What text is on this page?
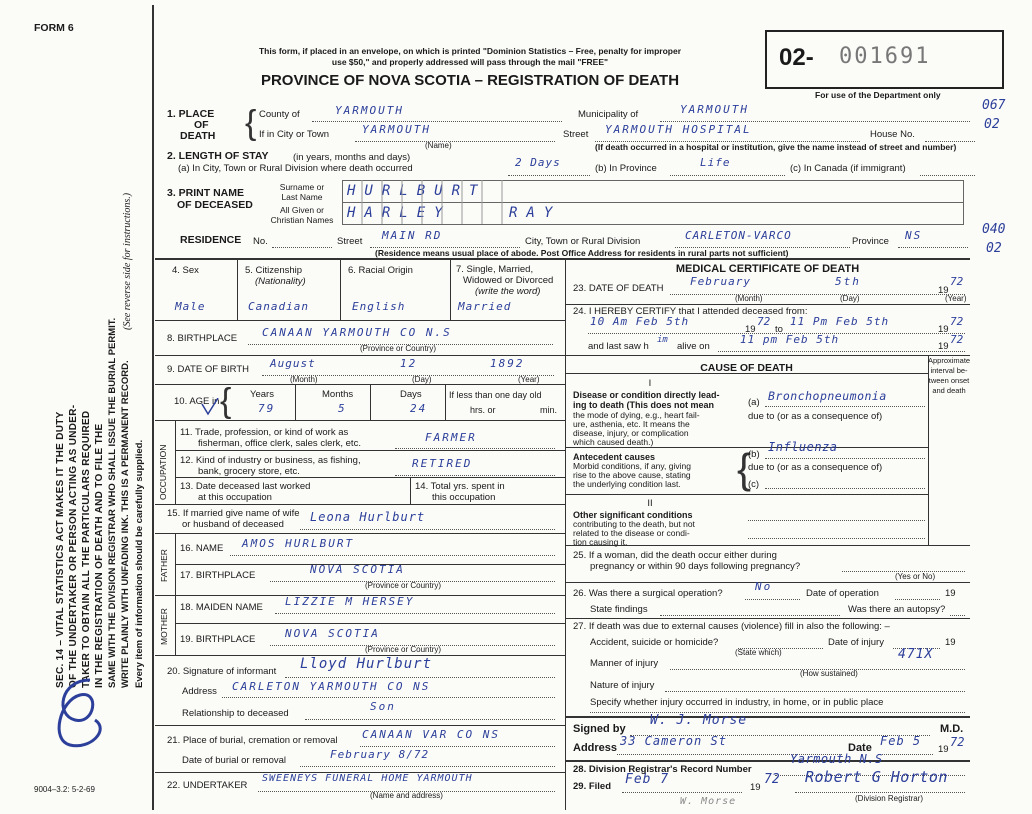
FORM 6
SEC. 14 – VITAL STATISTICS ACT MAKES IT THE DUTY OF THE UNDERTAKER OR PERSON ACTING AS UNDER- TAKER TO OBTAIN ALL THE PARTICULARS REQUIRED IN THE REGISTRATION OF DEATH AND TO FILE THE SAME WITH THE DIVISION REGISTRAR WHO SHALL ISSUE THE BURIAL PERMIT. WRITE PLAINLY WITH UNFADING INK. THIS IS A PERMANENT RECORD.
(See reverse side for instructions.)
Every item of information should be carefully supplied.
9004–3.2: 5-2-69
This form, if placed in an envelope, on which is printed "Dominion Statistics – Free, penalty for improper
use $50," and properly addressed will pass through the mail "FREE"
PROVINCE OF NOVA SCOTIA – REGISTRATION OF DEATH
02- 001691
For use of the Department only
067
02
040
02
1. PLACE
OF
DEATH { County of	YARMOUTH	Municipality of	YARMOUTH
If in City or Town	YARMOUTH
(Name)
Street YARMOUTH HOSPITAL	House No.
(If death occurred in a hospital or institution, give the name instead of street and number)
2. LENGTH OF STAY	(in years, months and days)
(a) In City, Town or Rural Division where death occurred	2 Days	(b) In Province	Life	(c) In Canada (if immigrant)
3. PRINT NAME
OF DECEASED
Surname or
Last Name
All Given or
Christian Names
HURLBURT
HARLEY	RAY
RESIDENCE No.	Street MAIN RD	City, Town or Rural Division	CARLETON-VARCO	Province NS
(Residence means usual place of abode. Post Office Address for residents in rural parts not sufficient)
4. Sex	5. Citizenship
(Nationality)
6. Racial Origin	7. Single, Married,
Widowed or Divorced
(write the word)
Male	Canadian	English	Married
8. BIRTHPLACE CANAAN YARMOUTH CO N.S
(Province or Country)
9. DATE OF BIRTH August	12	1892
(Month)	(Day)	(Year)
10. AGE in { Years	Months	Days
79	5	24
If less than one day old
hrs. or	min.
OCCUPATION
11. Trade, profession, or kind of work as
fisherman, office clerk, sales clerk, etc.	FARMER
12. Kind of industry or business, as fishing,
bank, grocery store, etc.
RETIRED
13. Date deceased last worked
at this occupation
14. Total yrs. spent in
this occupation
15. If married give name of wife
or husband of deceased
Leona Hurlburt
FATHER
16. NAME AMOS HURLBURT
17. BIRTHPLACE	NOVA SCOTIA
(Province or Country)
MOTHER
18. MAIDEN NAME LIZZIE M HERSEY
19. BIRTHPLACE	NOVA SCOTIA
(Province or Country)
20. Signature of informant Lloyd Hurlburt
Address CARLETON YARMOUTH CO NS
Relationship to deceased
Son
21. Place of burial, cremation or removal CANAAN VAR CO NS
Date of burial or removal	February 8/72
22. UNDERTAKER
SWEENEYS FUNERAL HOME YARMOUTH
(Name and address)
MEDICAL CERTIFICATE OF DEATH
23. DATE OF DEATH
February	5th
19
72
(Month)	(Day)	(Year)
24. I HEREBY CERTIFY that I attended deceased from:
10 Am Feb 5th
19
72
to
11 Pm Feb 5th
19
72
and last saw h
im
alive on
11 pm Feb 5th
19
72
CAUSE OF DEATH
Approximate
interval be-
tween onset
and death
I
Disease or condition directly lead-
ing to death (This does not mean
the mode of dying, e.g., heart fail-
ure, asthenia, etc. It means the
disease, injury, or complication
which caused death.)
(a) Bronchopneumonia
due to (or as a consequence of)
Antecedent causes
Morbid conditions, if any, giving
rise to the above cause, stating
the underlying condition last. {
(b)
Influenza
due to (or as a consequence of)
(c)
II
Other significant conditions
contributing to the death, but not
related to the disease or condi-
tion causing it.
25. If a woman, did the death occur either during
pregnancy or within 90 days following pregnancy?
(Yes or No)
26. Was there a surgical operation?
No
Date of operation	19
State findings	Was there an autopsy?
27. If death was due to external causes (violence) fill in also the following: –
Accident, suicide or homicide?	Date of injury	19
(State which)
Manner of injury
471X
(How sustained)
Nature of injury
Specify whether injury occurred in industry, in home, or in public place
Signed by
W. J. Morse
M.D.
Address 33 Cameron St	Date Feb 5
19
72
28. Division Registrar's Record Number
Yarmouth N.S
29. Filed Feb 7
19
72 Robert G Horton
(Division Registrar)
W. Morse
